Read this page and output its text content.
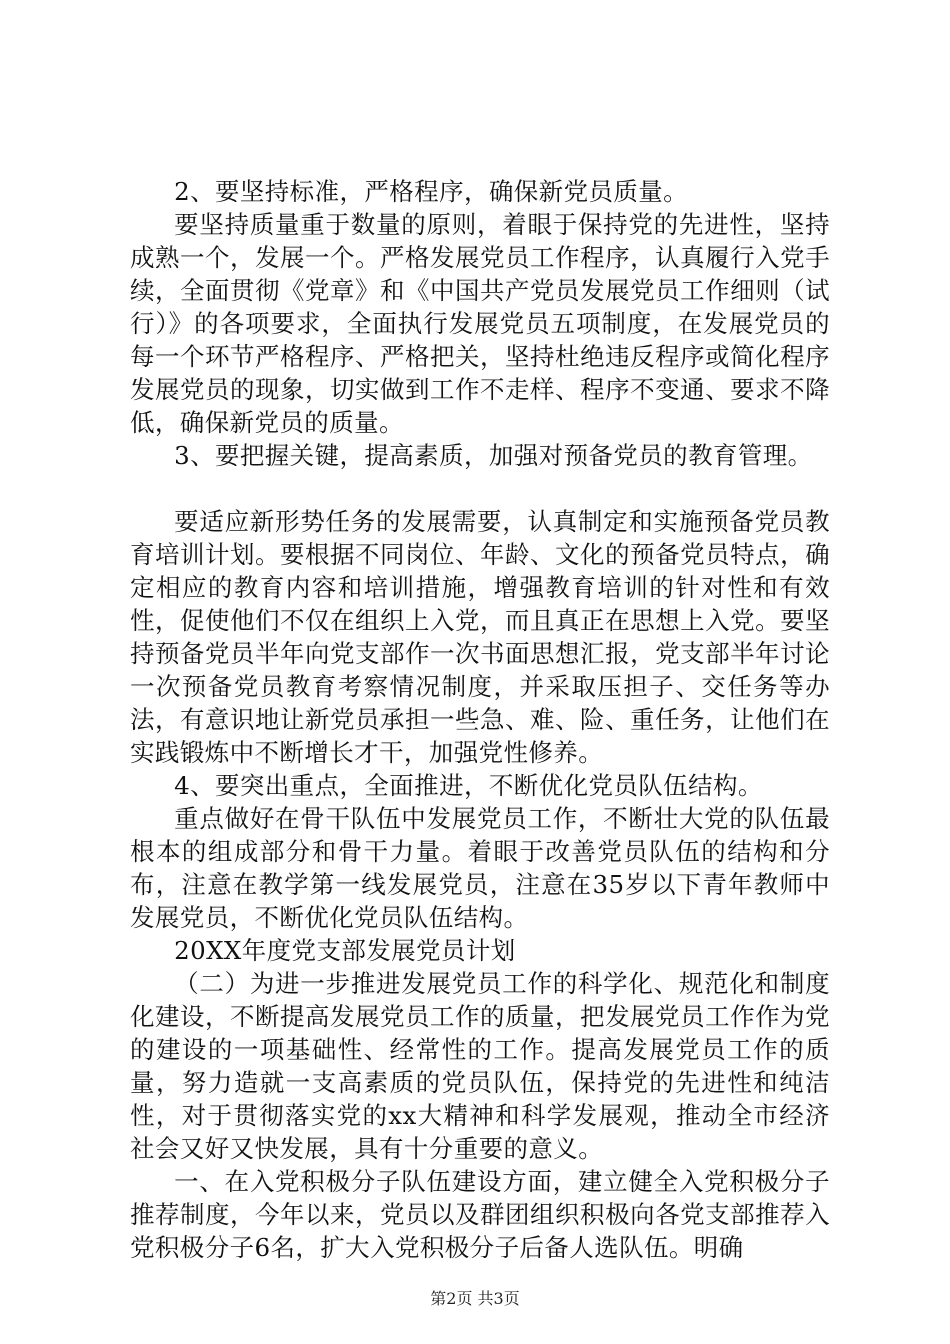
2、要坚持标准，严格程序，确保新党员质量。

要坚持质量重于数量的原则，着眼于保持党的先进性，坚持成熟一个，发展一个。严格发展党员工作程序，认真履行入党手续，全面贯彻《党章》和《中国共产党员发展党员工作细则（试行）》的各项要求，全面执行发展党员五项制度，在发展党员的每一个环节严格程序、严格把关，坚持杜绝违反程序或简化程序发展党员的现象，切实做到工作不走样、程序不变通、要求不降低，确保新党员的质量。

3、要把握关键，提高素质，加强对预备党员的教育管理。

要适应新形势任务的发展需要，认真制定和实施预备党员教育培训计划。要根据不同岗位、年龄、文化的预备党员特点，确定相应的教育内容和培训措施，增强教育培训的针对性和有效性，促使他们不仅在组织上入党，而且真正在思想上入党。要坚持预备党员半年向党支部作一次书面思想汇报，党支部半年讨论一次预备党员教育考察情况制度，并采取压担子、交任务等办法，有意识地让新党员承担一些急、难、险、重任务，让他们在实践锻炼中不断增长才干，加强党性修养。

4、要突出重点，全面推进，不断优化党员队伍结构。

重点做好在骨干队伍中发展党员工作，不断壮大党的队伍最根本的组成部分和骨干力量。着眼于改善党员队伍的结构和分布，注意在教学第一线发展党员，注意在35岁以下青年教师中发展党员，不断优化党员队伍结构。

20XX年度党支部发展党员计划

（二）为进一步推进发展党员工作的科学化、规范化和制度化建设，不断提高发展党员工作的质量，把发展党员工作作为党的建设的一项基础性、经常性的工作。提高发展党员工作的质量，努力造就一支高素质的党员队伍，保持党的先进性和纯洁性，对于贯彻落实党的xx大精神和科学发展观，推动全市经济社会又好又快发展，具有十分重要的意义。

一、在入党积极分子队伍建设方面，建立健全入党积极分子推荐制度，今年以来，党员以及群团组织积极向各党支部推荐入党积极分子6名，扩大入党积极分子后备人选队伍。明确

第2页 共3页
